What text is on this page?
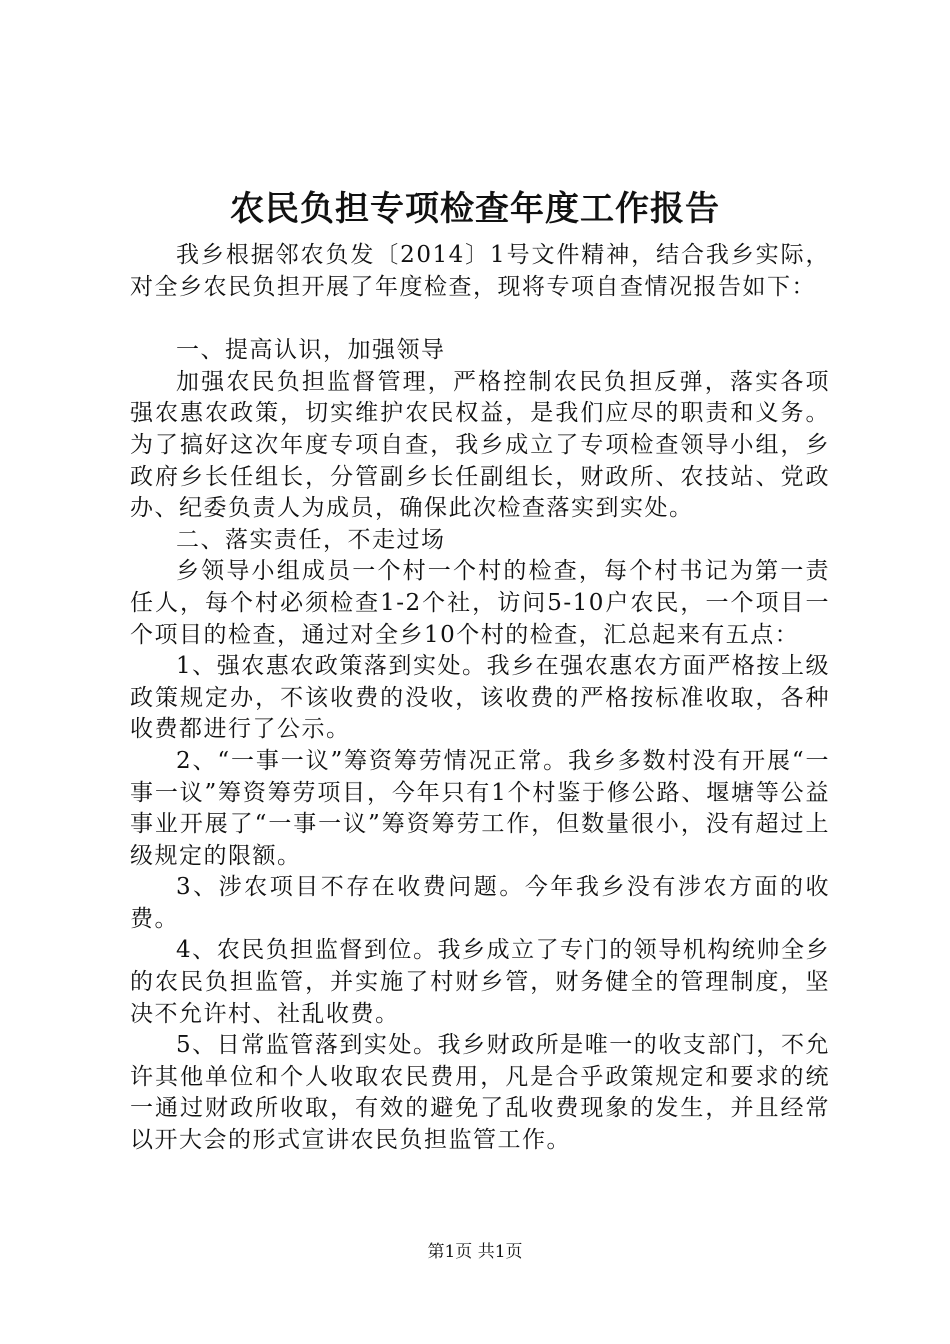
农民负担专项检查年度工作报告

我乡根据邻农负发〔2014〕1号文件精神，结合我乡实际，对全乡农民负担开展了年度检查，现将专项自查情况报告如下：

一、提高认识，加强领导

加强农民负担监督管理，严格控制农民负担反弹，落实各项强农惠农政策，切实维护农民权益，是我们应尽的职责和义务。为了搞好这次年度专项自查，我乡成立了专项检查领导小组，乡政府乡长任组长，分管副乡长任副组长，财政所、农技站、党政办、纪委负责人为成员，确保此次检查落实到实处。

二、落实责任，不走过场

乡领导小组成员一个村一个村的检查，每个村书记为第一责任人，每个村必须检查1-2个社，访问5-10户农民，一个项目一个项目的检查，通过对全乡10个村的检查，汇总起来有五点：

1、强农惠农政策落到实处。我乡在强农惠农方面严格按上级政策规定办，不该收费的没收，该收费的严格按标准收取，各种收费都进行了公示。

2、“一事一议”筹资筹劳情况正常。我乡多数村没有开展“一事一议”筹资筹劳项目，今年只有1个村鉴于修公路、堰塘等公益事业开展了“一事一议”筹资筹劳工作，但数量很小，没有超过上级规定的限额。

3、涉农项目不存在收费问题。今年我乡没有涉农方面的收费。

4、农民负担监督到位。我乡成立了专门的领导机构统帅全乡的农民负担监管，并实施了村财乡管，财务健全的管理制度，坚决不允许村、社乱收费。

5、日常监管落到实处。我乡财政所是唯一的收支部门，不允许其他单位和个人收取农民费用，凡是合乎政策规定和要求的统一通过财政所收取，有效的避免了乱收费现象的发生，并且经常以开大会的形式宣讲农民负担监管工作。

第1页 共1页
